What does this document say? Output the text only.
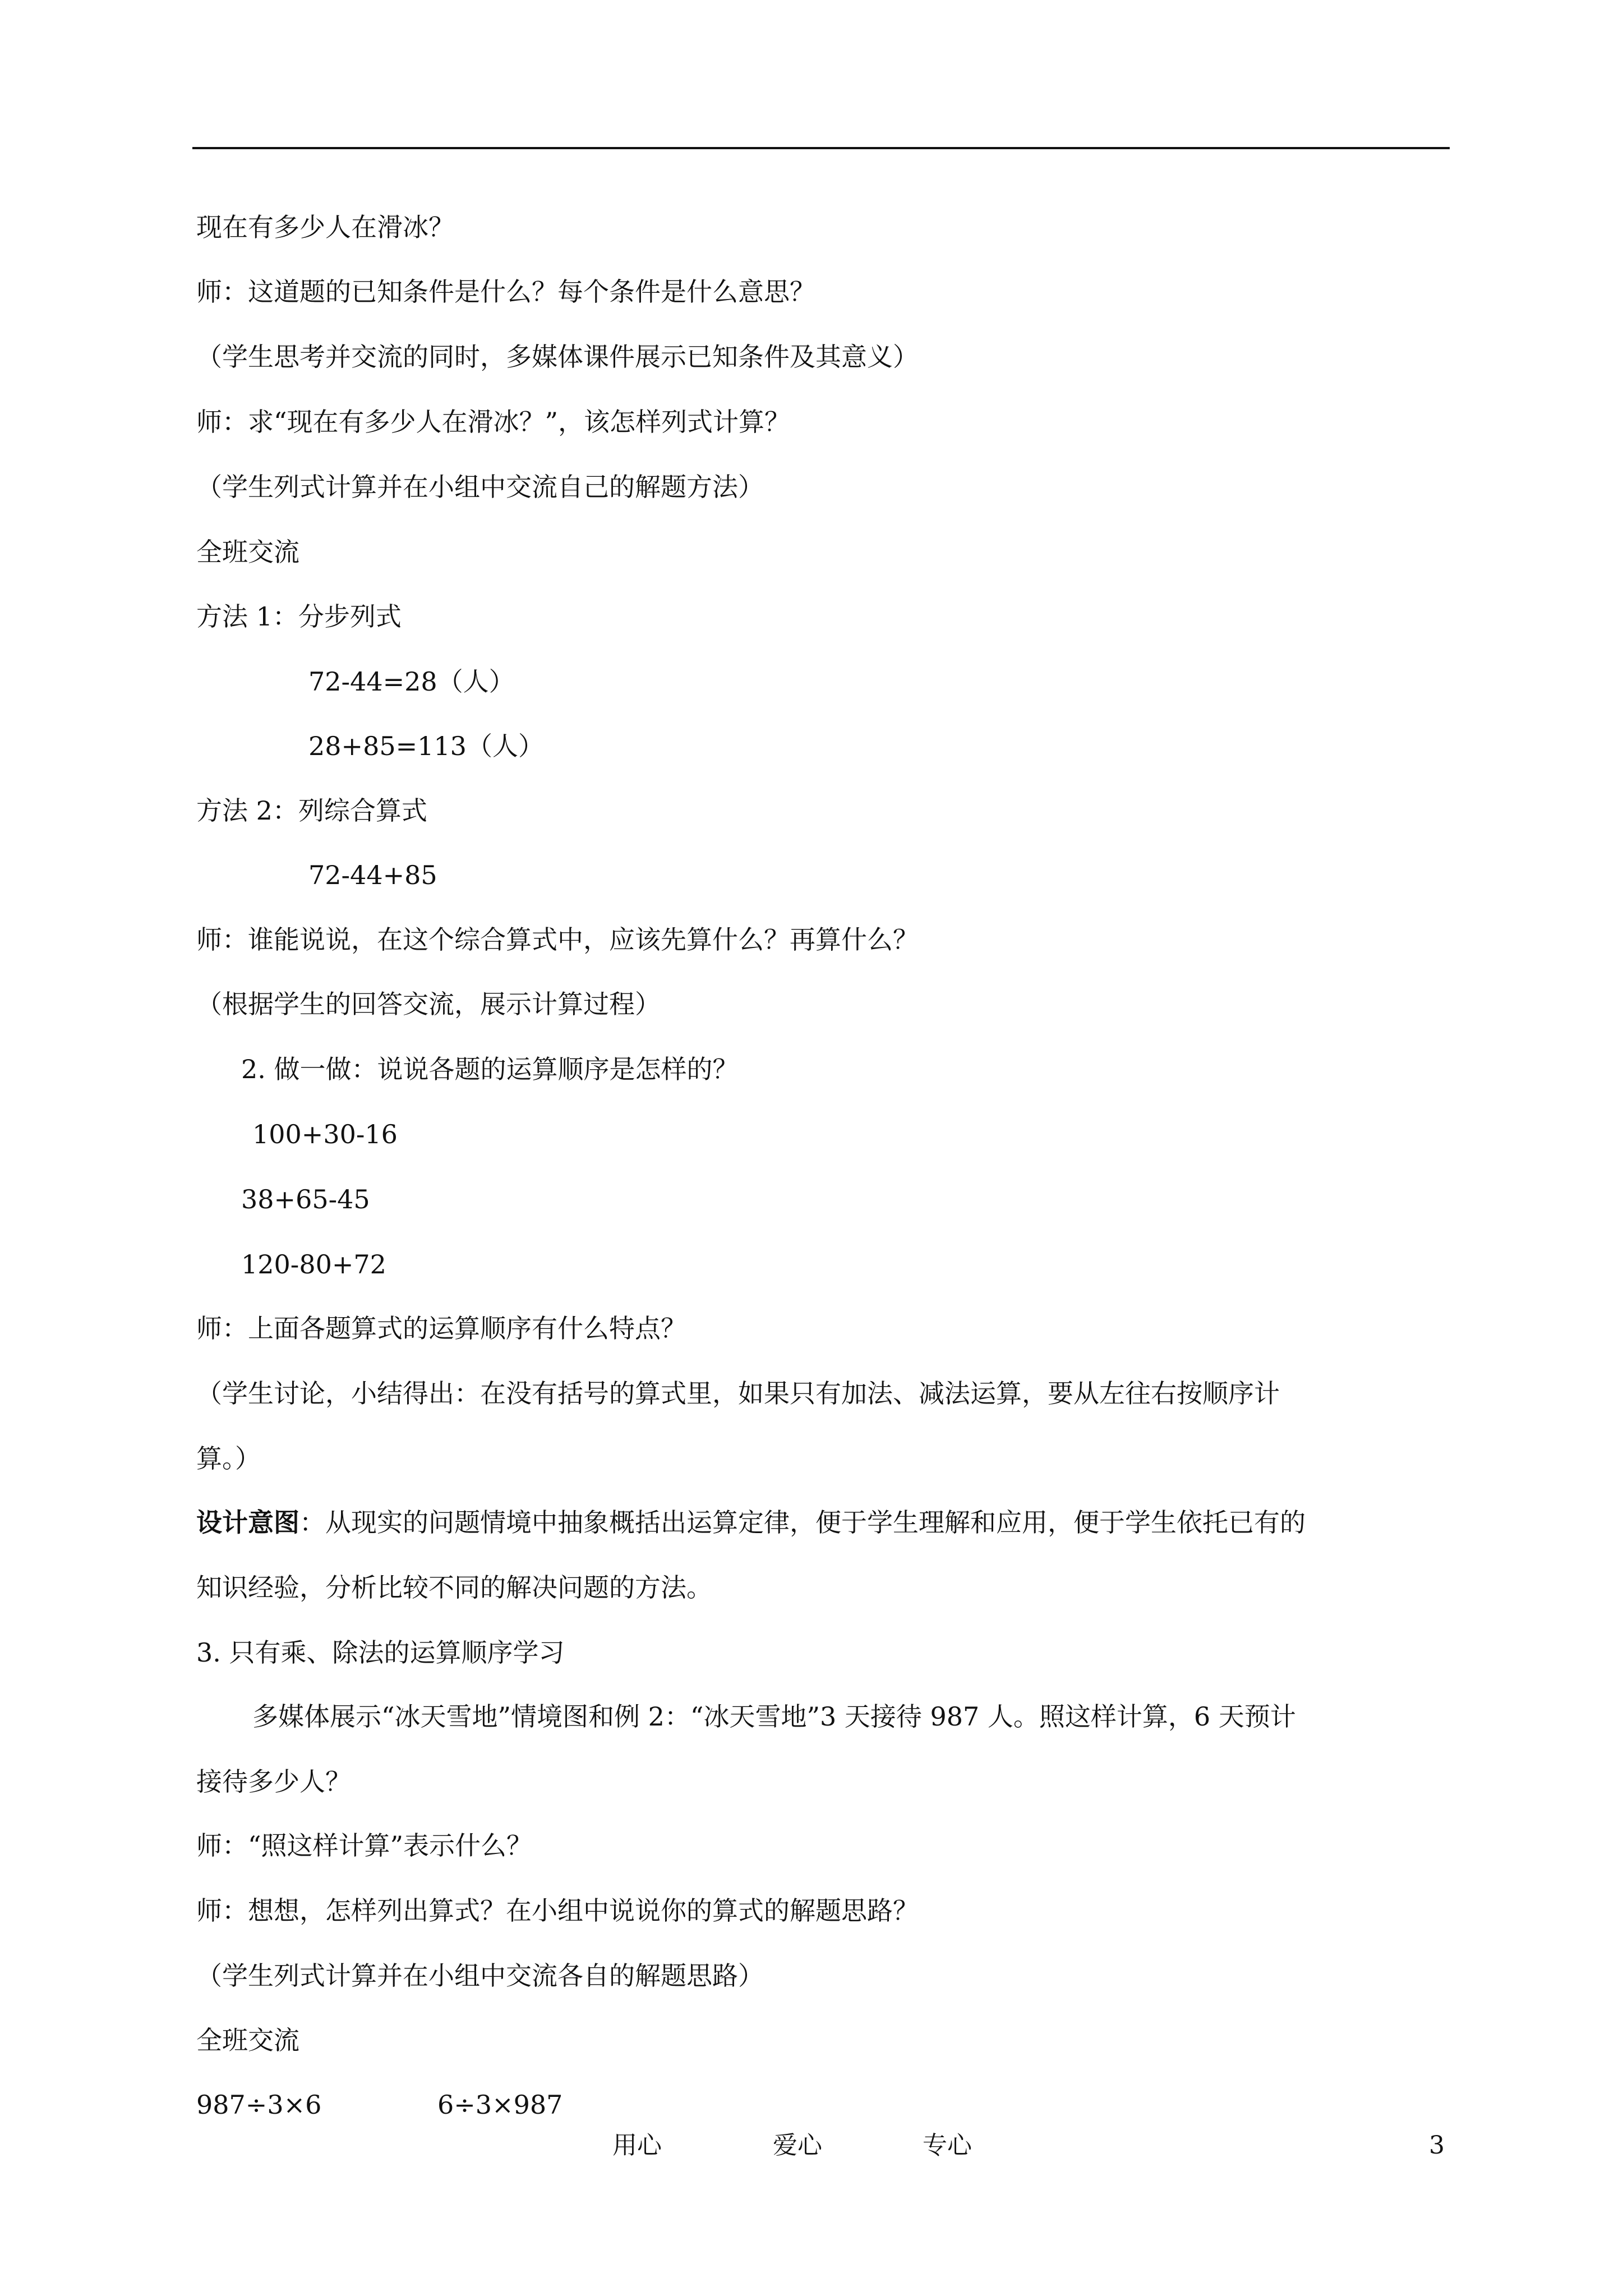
现在有多少人在滑冰？
师：这道题的已知条件是什么？每个条件是什么意思？
（学生思考并交流的同时，多媒体课件展示已知条件及其意义）
师：求“现在有多少人在滑冰？”，该怎样列式计算？
（学生列式计算并在小组中交流自己的解题方法）
全班交流
方法 1：分步列式
72-44=28（人）
28+85=113（人）
方法 2：列综合算式
72-44+85
师：谁能说说，在这个综合算式中，应该先算什么？再算什么？
（根据学生的回答交流，展示计算过程）
2. 做一做：说说各题的运算顺序是怎样的？
100+30-16
38+65-45
120-80+72
师：上面各题算式的运算顺序有什么特点？
（学生讨论，小结得出：在没有括号的算式里，如果只有加法、减法运算，要从左往右按顺序计
算。）
设计意图：从现实的问题情境中抽象概括出运算定律，便于学生理解和应用，便于学生依托已有的
知识经验，分析比较不同的解决问题的方法。
3. 只有乘、除法的运算顺序学习
多媒体展示“冰天雪地”情境图和例 2：“冰天雪地”3 天接待 987 人。照这样计算，6 天预计
接待多少人？
师：“照这样计算”表示什么？
师：想想，怎样列出算式？在小组中说说你的算式的解题思路？
（学生列式计算并在小组中交流各自的解题思路）
全班交流
987÷3×6	6÷3×987
用心	爱心	专心	3
